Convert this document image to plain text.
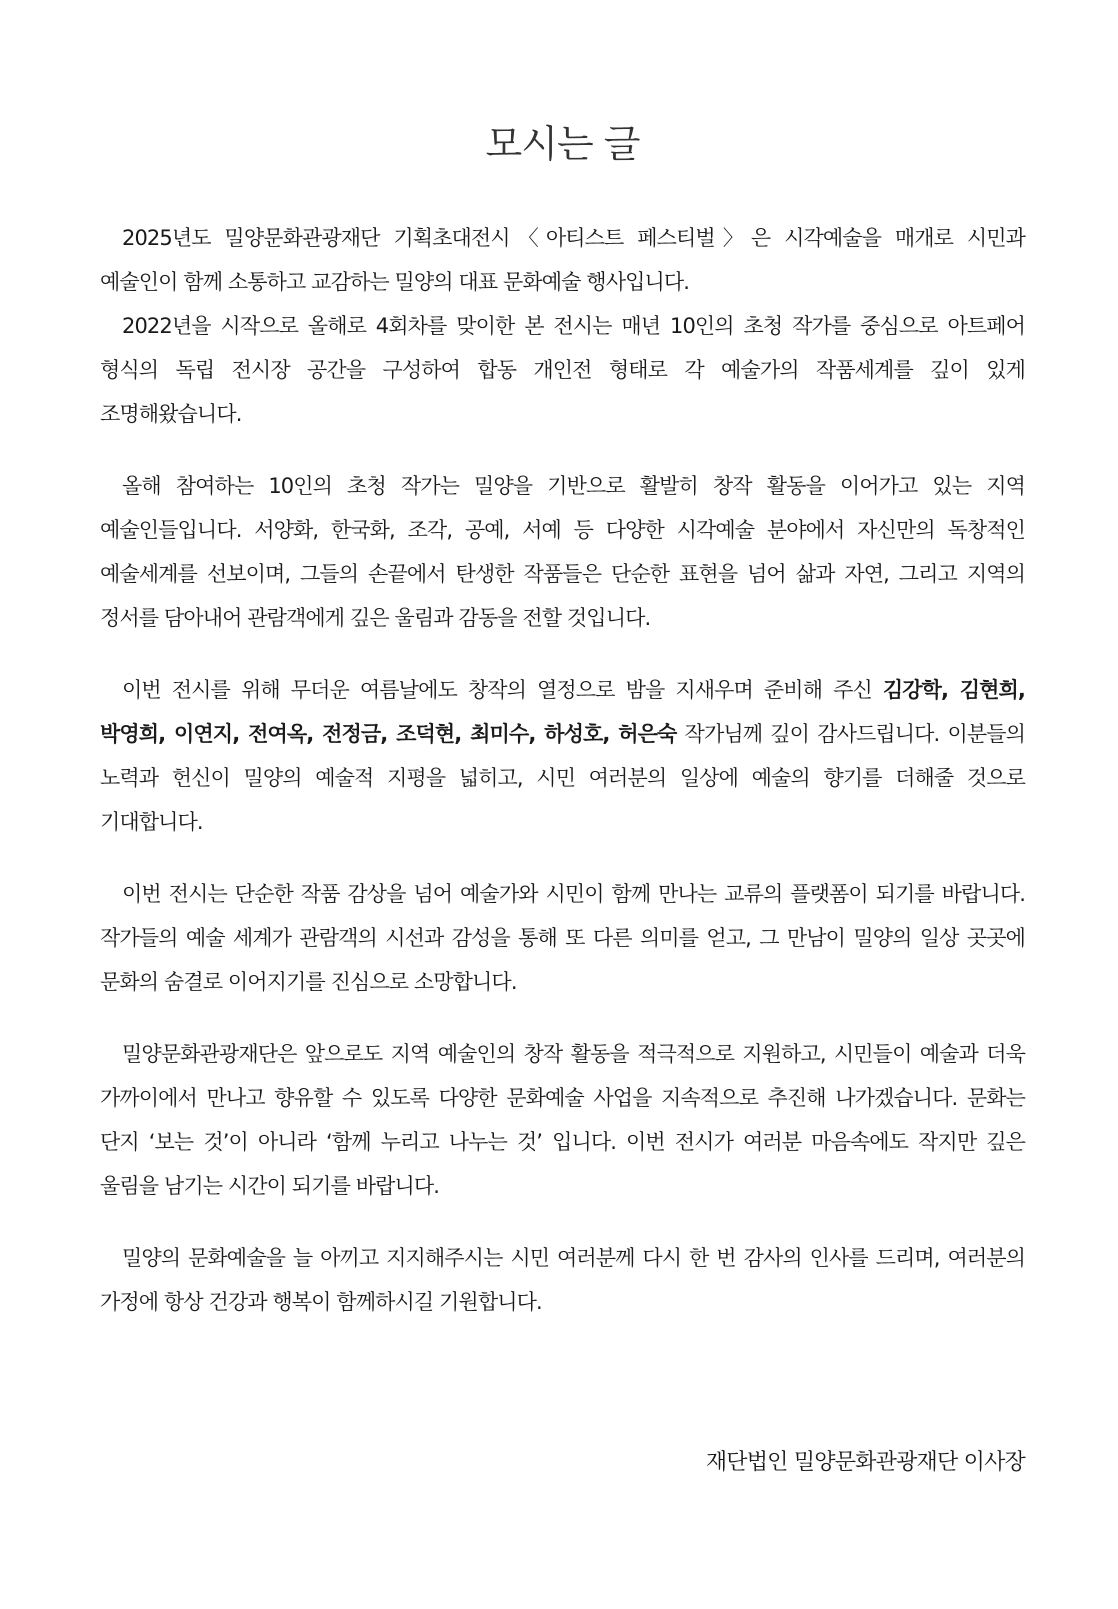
모시는 글

2025년도 밀양문화관광재단 기획초대전시〈아티스트 페스티벌〉은 시각예술을 매개로 시민과 예술인이 함께 소통하고 교감하는 밀양의 대표 문화예술 행사입니다.

2022년을 시작으로 올해로 4회차를 맞이한 본 전시는 매년 10인의 초청 작가를 중심으로 아트페어 형식의 독립 전시장 공간을 구성하여 합동 개인전 형태로 각 예술가의 작품세계를 깊이 있게 조명해왔습니다.

올해 참여하는 10인의 초청 작가는 밀양을 기반으로 활발히 창작 활동을 이어가고 있는 지역 예술인들입니다. 서양화, 한국화, 조각, 공예, 서예 등 다양한 시각예술 분야에서 자신만의 독창적인 예술세계를 선보이며, 그들의 손끝에서 탄생한 작품들은 단순한 표현을 넘어 삶과 자연, 그리고 지역의 정서를 담아내어 관람객에게 깊은 울림과 감동을 전할 것입니다.

이번 전시를 위해 무더운 여름날에도 창작의 열정으로 밤을 지새우며 준비해 주신 김강학, 김현희, 박영희, 이연지, 전여옥, 전정금, 조덕현, 최미수, 하성호, 허은숙 작가님께 깊이 감사드립니다. 이분들의 노력과 헌신이 밀양의 예술적 지평을 넓히고, 시민 여러분의 일상에 예술의 향기를 더해줄 것으로 기대합니다.

이번 전시는 단순한 작품 감상을 넘어 예술가와 시민이 함께 만나는 교류의 플랫폼이 되기를 바랍니다. 작가들의 예술 세계가 관람객의 시선과 감성을 통해 또 다른 의미를 얻고, 그 만남이 밀양의 일상 곳곳에 문화의 숨결로 이어지기를 진심으로 소망합니다.

밀양문화관광재단은 앞으로도 지역 예술인의 창작 활동을 적극적으로 지원하고, 시민들이 예술과 더욱 가까이에서 만나고 향유할 수 있도록 다양한 문화예술 사업을 지속적으로 추진해 나가겠습니다. 문화는 단지 ‘보는 것’이 아니라 ‘함께 누리고 나누는 것’ 입니다. 이번 전시가 여러분 마음속에도 작지만 깊은 울림을 남기는 시간이 되기를 바랍니다.

밀양의 문화예술을 늘 아끼고 지지해주시는 시민 여러분께 다시 한 번 감사의 인사를 드리며, 여러분의 가정에 항상 건강과 행복이 함께하시길 기원합니다.

재단법인 밀양문화관광재단 이사장
